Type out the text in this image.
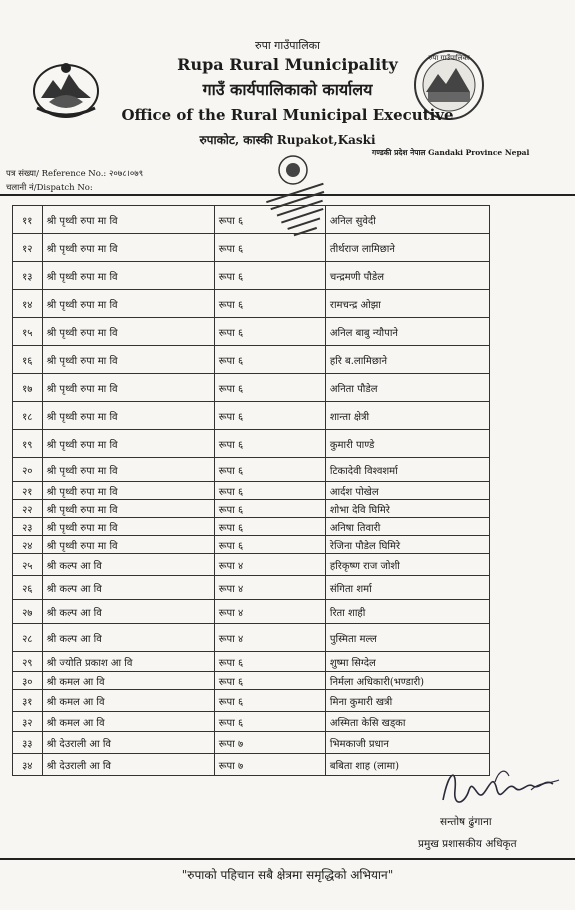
रुपा गाउँपालिका
रुपा गाउँपालिका
Rupa Rural Municipality
गाउँ कार्यपालिकाको कार्यालय
Office of the Rural Municipal Executive
रुपाकोट, कास्की Rupakot,Kaski
गण्डकी प्रदेश नेपाल Gandaki Province Nepal
पत्र संख्या/ Reference No.: २०७८।०७९
चलानी नं/Dispatch No:
११	श्री पृथ्वी रुपा मा वि	रूपा ६	अनिल सुवेदी
१२	श्री पृथ्वी रुपा मा वि	रूपा ६	तीर्थराज लामिछाने
१३	श्री पृथ्वी रुपा मा वि	रूपा ६	चन्द्रमणी पौडेल
१४	श्री पृथ्वी रुपा मा वि	रूपा ६	रामचन्द्र ओझा
१५	श्री पृथ्वी रुपा मा वि	रूपा ६	अनिल बाबु न्यौपाने
१६	श्री पृथ्वी रुपा मा वि	रूपा ६	हरि ब.लामिछाने
१७	श्री पृथ्वी रुपा मा वि	रूपा ६	अनिता पौडेल
१८	श्री पृथ्वी रुपा मा वि	रूपा ६	शान्ता क्षेत्री
१९	श्री पृथ्वी रुपा मा वि	रूपा ६	कुमारी पाण्डे
२०	श्री पृथ्वी रुपा मा वि	रूपा ६	टिकादेवी विश्वशर्मा
२१	श्री पृथ्वी रुपा मा वि	रूपा ६	आर्दश पोखेल
२२	श्री पृथ्वी रुपा मा वि	रूपा ६	शोभा देवि घिमिरे
२३	श्री पृथ्वी रुपा मा वि	रूपा ६	अनिषा तिवारी
२४	श्री पृथ्वी रुपा मा वि	रूपा ६	रेजिना पौडेल घिमिरे
२५	श्री कल्प आ वि	रूपा ४	हरिकृष्ण राज जोशी
२६	श्री कल्प आ वि	रूपा ४	संगिता शर्मा
२७	श्री कल्प आ वि	रूपा ४	रिता शाही
२८	श्री कल्प आ वि	रूपा ४	पुस्मिता मल्ल
२९	श्री ज्योति प्रकाश आ वि	रूपा ६	शुष्मा सिग्देल
३०	श्री कमल आ वि	रूपा ६	निर्मला अधिकारी(भण्डारी)
३१	श्री कमल आ वि	रूपा ६	मिना कुमारी खत्री
३२	श्री कमल आ वि	रूपा ६	अस्मिता केसि खड्का
३३	श्री देउराली आ वि	रूपा ७	भिमकाजी प्रधान
३४	श्री देउराली आ वि	रूपा ७	बबिता शाह (लामा)
सन्तोष ढुंगाना
प्रमुख प्रशासकीय अधिकृत
"रुपाको पहिचान सबै क्षेत्रमा समृद्धिको अभियान"
